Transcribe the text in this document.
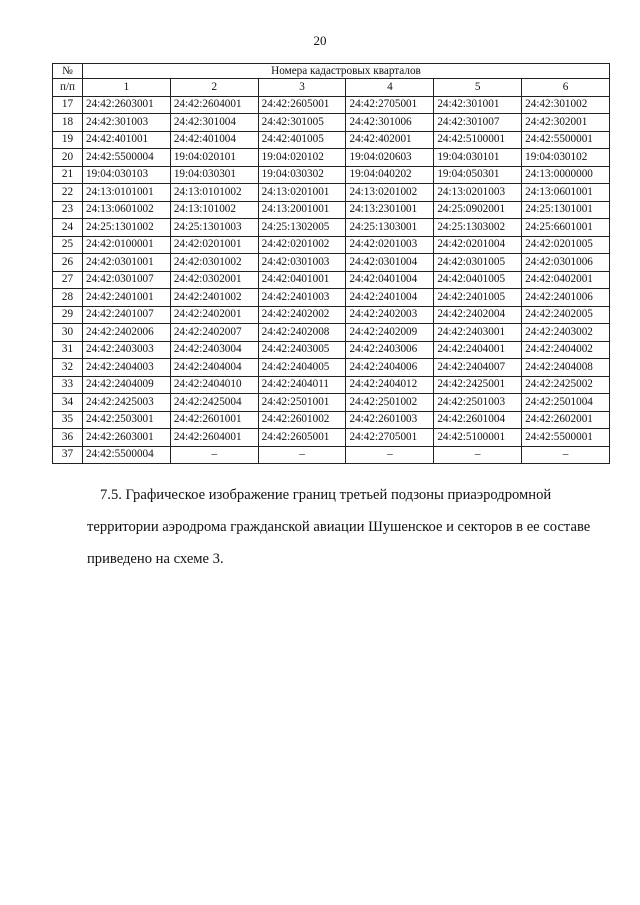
20
№	Номера кадастровых кварталов					
п/п	1	2	3	4	5	6
17	24:42:2603001	24:42:2604001	24:42:2605001	24:42:2705001	24:42:301001	24:42:301002
18	24:42:301003	24:42:301004	24:42:301005	24:42:301006	24:42:301007	24:42:302001
19	24:42:401001	24:42:401004	24:42:401005	24:42:402001	24:42:5100001	24:42:5500001
20	24:42:5500004	19:04:020101	19:04:020102	19:04:020603	19:04:030101	19:04:030102
21	19:04:030103	19:04:030301	19:04:030302	19:04:040202	19:04:050301	24:13:0000000
22	24:13:0101001	24:13:0101002	24:13:0201001	24:13:0201002	24:13:0201003	24:13:0601001
23	24:13:0601002	24:13:101002	24:13:2001001	24:13:2301001	24:25:0902001	24:25:1301001
24	24:25:1301002	24:25:1301003	24:25:1302005	24:25:1303001	24:25:1303002	24:25:6601001
25	24:42:0100001	24:42:0201001	24:42:0201002	24:42:0201003	24:42:0201004	24:42:0201005
26	24:42:0301001	24:42:0301002	24:42:0301003	24:42:0301004	24:42:0301005	24:42:0301006
27	24:42:0301007	24:42:0302001	24:42:0401001	24:42:0401004	24:42:0401005	24:42:0402001
28	24:42:2401001	24:42:2401002	24:42:2401003	24:42:2401004	24:42:2401005	24:42:2401006
29	24:42:2401007	24:42:2402001	24:42:2402002	24:42:2402003	24:42:2402004	24:42:2402005
30	24:42:2402006	24:42:2402007	24:42:2402008	24:42:2402009	24:42:2403001	24:42:2403002
31	24:42:2403003	24:42:2403004	24:42:2403005	24:42:2403006	24:42:2404001	24:42:2404002
32	24:42:2404003	24:42:2404004	24:42:2404005	24:42:2404006	24:42:2404007	24:42:2404008
33	24:42:2404009	24:42:2404010	24:42:2404011	24:42:2404012	24:42:2425001	24:42:2425002
34	24:42:2425003	24:42:2425004	24:42:2501001	24:42:2501002	24:42:2501003	24:42:2501004
35	24:42:2503001	24:42:2601001	24:42:2601002	24:42:2601003	24:42:2601004	24:42:2602001
36	24:42:2603001	24:42:2604001	24:42:2605001	24:42:2705001	24:42:5100001	24:42:5500001
37	24:42:5500004	–	–	–	–	–
7.5. Графическое изображение границ третьей подзоны приаэродромной
территории аэродрома гражданской авиации Шушенское и секторов в ее составе
приведено на схеме 3.
